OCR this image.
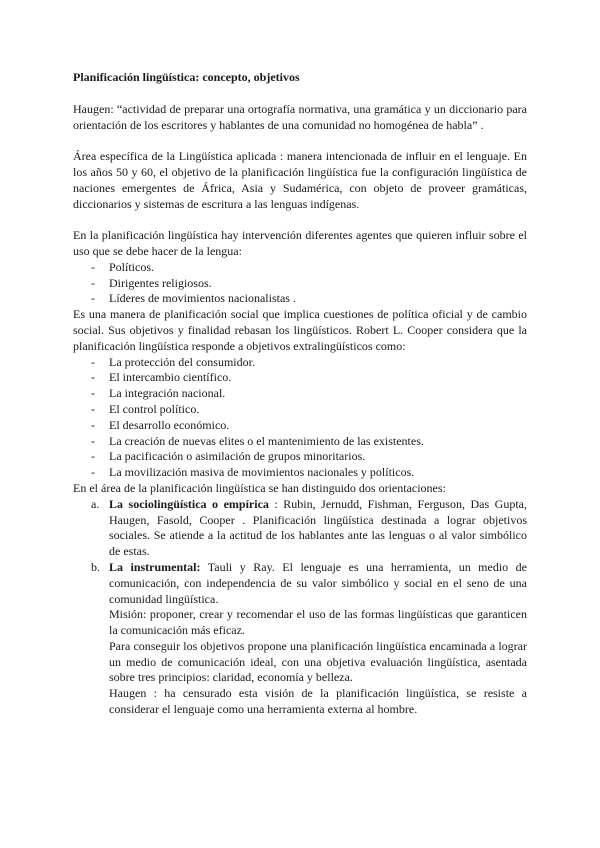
Planificación lingüística: concepto, objetivos

Haugen: “actividad de preparar una ortografía normativa, una gramática y un diccionario para orientación de los escritores y hablantes de una comunidad no homogénea de habla” .

Área específica de la Lingüística aplicada : manera intencionada de influir en el lenguaje. En los años 50 y 60, el objetivo de la planificación lingüística fue la configuración lingüística de naciones emergentes de África, Asia y Sudamérica, con objeto de proveer gramáticas, diccionarios y sistemas de escritura a las lenguas indígenas.

En la planificación lingüística hay intervención diferentes agentes que quieren influir sobre el uso que se debe hacer de la lengua:

- Políticos.
- Dirigentes religiosos.
- Líderes de movimientos nacionalistas .

Es una manera de planificación social que implica cuestiones de política oficial y de cambio social. Sus objetivos y finalidad rebasan los lingüísticos. Robert L. Cooper considera que la planificación lingüística responde a objetivos extralingüísticos como:

- La protección del consumidor.
- El intercambio científico.
- La integración nacional.
- El control político.
- El desarrollo económico.
- La creación de nuevas elites o el mantenimiento de las existentes.
- La pacificación o asimilación de grupos minoritarios.
- La movilización masiva de movimientos nacionales y políticos.

En el área de la planificación lingüística se han distinguido dos orientaciones:

a. La sociolingüística o empírica : Rubin, Jernudd, Fishman, Ferguson, Das Gupta, Haugen, Fasold, Cooper . Planificación lingüística destinada a lograr objetivos sociales. Se atiende a la actitud de los hablantes ante las lenguas o al valor simbólico de estas.
b. La instrumental: Tauli y Ray. El lenguaje es una herramienta, un medio de comunicación, con independencia de su valor simbólico y social en el seno de una comunidad lingüística.

Misión: proponer, crear y recomendar el uso de las formas lingüísticas que garanticen la comunicación más eficaz.

Para conseguir los objetivos propone una planificación lingüística encaminada a lograr un medio de comunicación ideal, con una objetiva evaluación lingüística, asentada sobre tres principios: claridad, economía y belleza.

Haugen : ha censurado esta visión de la planificación lingüística, se resiste a considerar el lenguaje como una herramienta externa al hombre.
